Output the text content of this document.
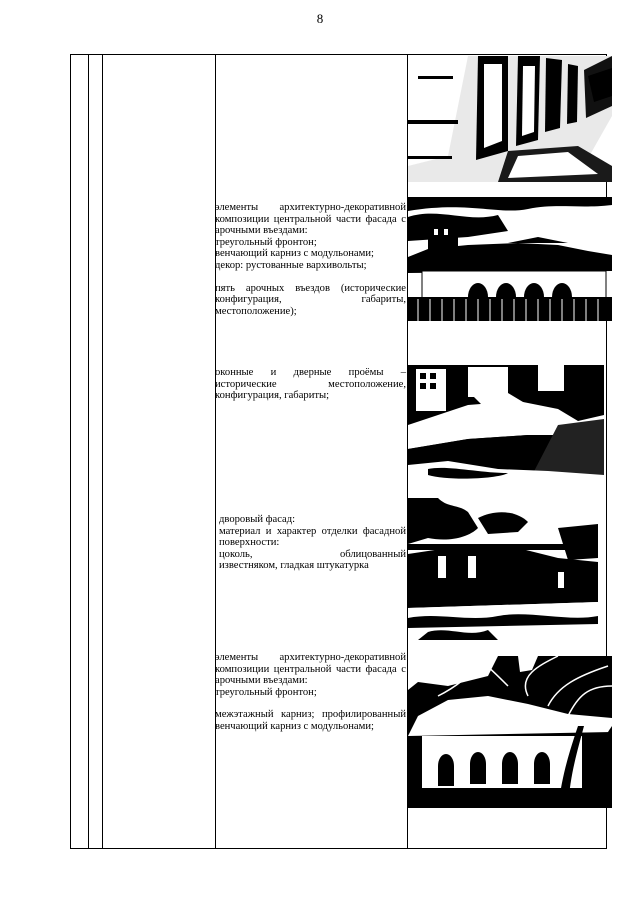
8

элементы архитектурно-декоративной

композиции центральной части фасада с

арочными въездами:

треугольный фронтон;

венчающий карниз с модульонами;

декор: рустованные вархивольты;

пять арочных въездов (исторические

конфигурация, габариты,

местоположение);

оконные и дверные проёмы –

исторические местоположение,

конфигурация, габариты;

дворовый фасад:

материал и характер отделки фасадной

поверхности:

цоколь, облицованный

известняком, гладкая штукатурка

элементы архитектурно-декоративной

композиции центральной части фасада с

арочными въездами:

треугольный фронтон;

межэтажный карниз; профилированный

венчающий карниз с модульонами;
